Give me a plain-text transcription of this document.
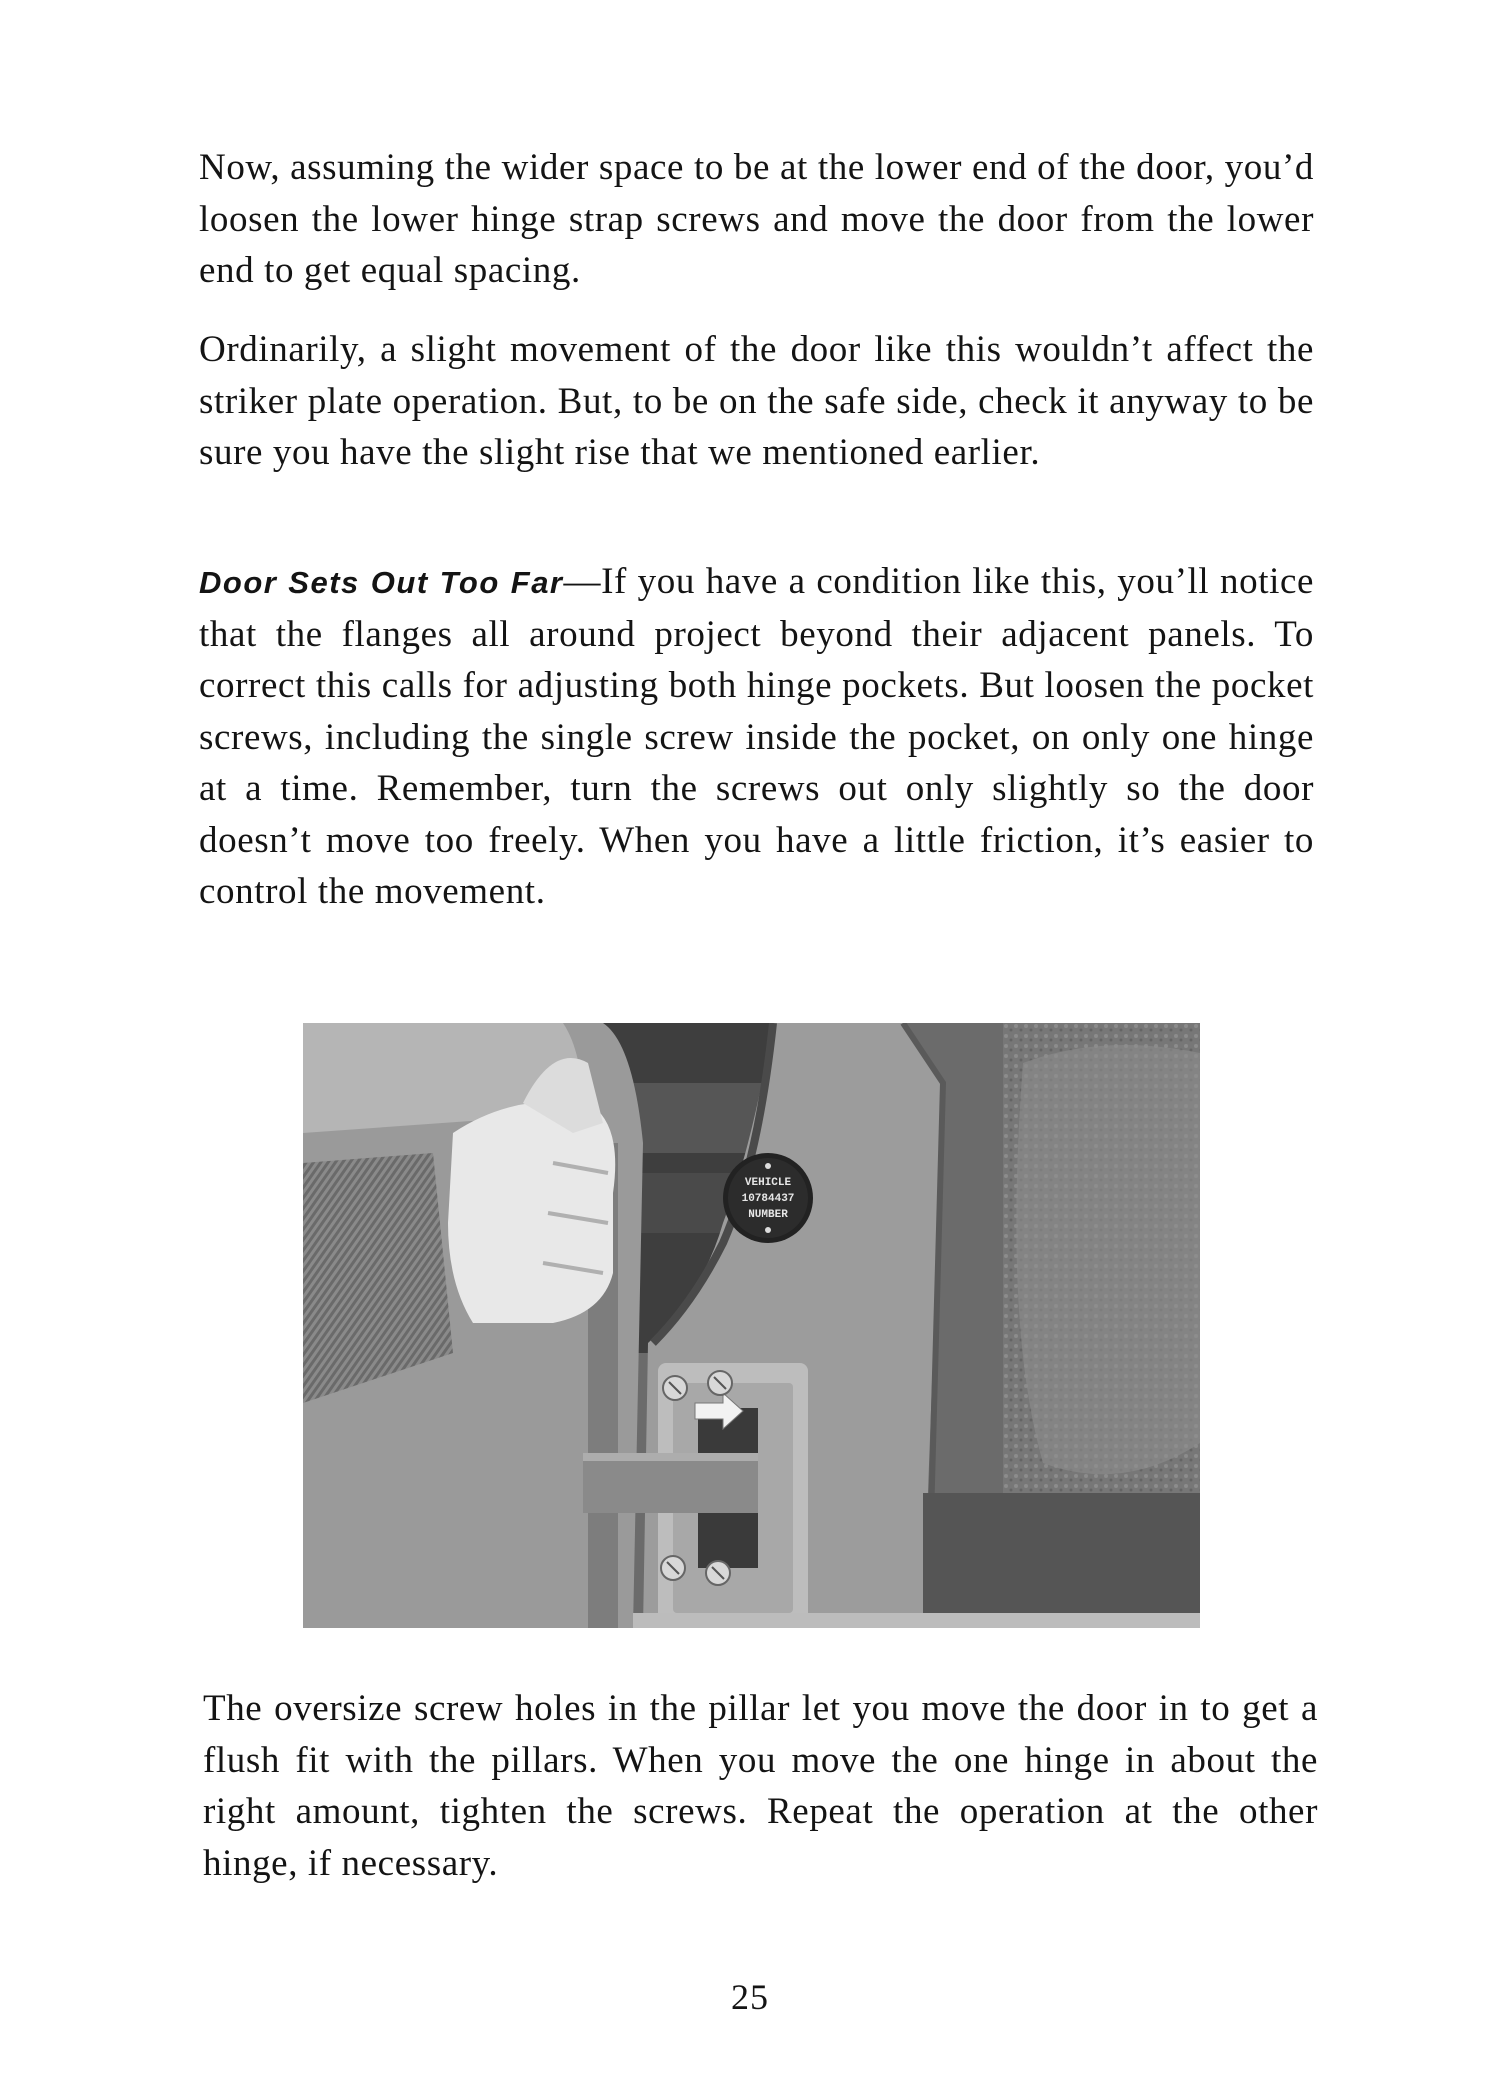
Now, assuming the wider space to be at the lower end of the door, you’d loosen the lower hinge strap screws and move the door from the lower end to get equal spacing.

Ordinarily, a slight movement of the door like this wouldn’t affect the striker plate operation. But, to be on the safe side, check it anyway to be sure you have the slight rise that we mentioned earlier.

Door Sets Out Too Far—If you have a condition like this, you’ll notice that the flanges all around project beyond their adjacent panels. To correct this calls for adjusting both hinge pockets. But loosen the pocket screws, including the single screw inside the pocket, on only one hinge at a time. Remember, turn the screws out only slightly so the door doesn’t move too freely. When you have a little friction, it’s easier to control the movement.

VEHICLE
10784437
NUMBER

The oversize screw holes in the pillar let you move the door in to get a flush fit with the pillars. When you move the one hinge in about the right amount, tighten the screws. Repeat the operation at the other hinge, if necessary.

25
